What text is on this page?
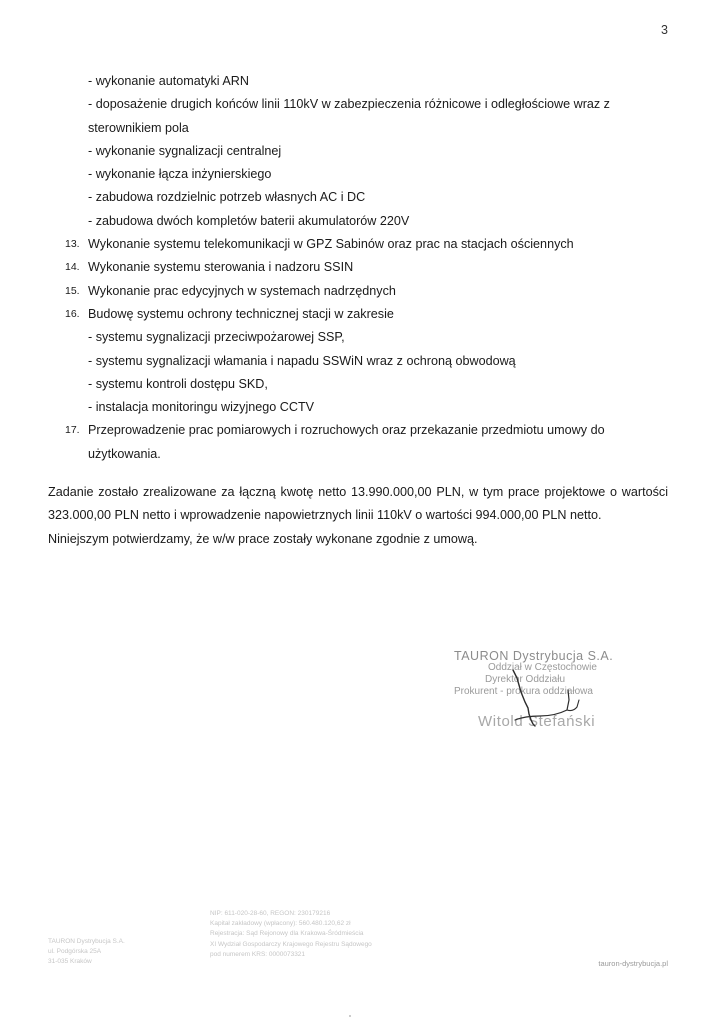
3
- wykonanie automatyki ARN
- doposażenie drugich końców linii 110kV w zabezpieczenia różnicowe i odległościowe wraz z sterownikiem pola
- wykonanie sygnalizacji centralnej
- wykonanie łącza inżynierskiego
- zabudowa rozdzielnic potrzeb własnych AC i DC
- zabudowa dwóch kompletów baterii akumulatorów 220V
13. Wykonanie systemu telekomunikacji w GPZ Sabinów oraz prac na stacjach ościennych
14. Wykonanie systemu sterowania i nadzoru SSIN
15. Wykonanie prac edycyjnych w systemach nadrzędnych
16. Budowę systemu ochrony technicznej stacji w zakresie
- systemu sygnalizacji przeciwpożarowej SSP,
- systemu sygnalizacji włamania i napadu SSWiN wraz z ochroną obwodową
- systemu kontroli dostępu SKD,
- instalacja monitoringu wizyjnego CCTV
17. Przeprowadzenie prac pomiarowych i rozruchowych oraz przekazanie przedmiotu umowy do użytkowania.

Zadanie zostało zrealizowane za łączną kwotę netto 13.990.000,00 PLN, w tym prace projektowe o wartości 323.000,00 PLN netto i wprowadzenie napowietrznych linii 110kV o wartości 994.000,00 PLN netto.

Niniejszym potwierdzamy, że w/w prace zostały wykonane zgodnie z umową.

TAURON Dystrybucja S.A.
Oddział w Częstochowie
Dyrektor Oddziału
Prokurent - prokura oddziałowa
Witold Stefański
TAURON Dystrybucja S.A.
ul. Podgórska 25A
31-035 Kraków
NIP: 611-020-28-60, REGON: 230179216
Kapitał zakładowy (wpłacony): 560.480.120,62 zł
Rejestracja: Sąd Rejonowy dla Krakowa-Śródmieścia
XI Wydział Gospodarczy Krajowego Rejestru Sądowego
pod numerem KRS: 0000073321
tauron-dystrybucja.pl
